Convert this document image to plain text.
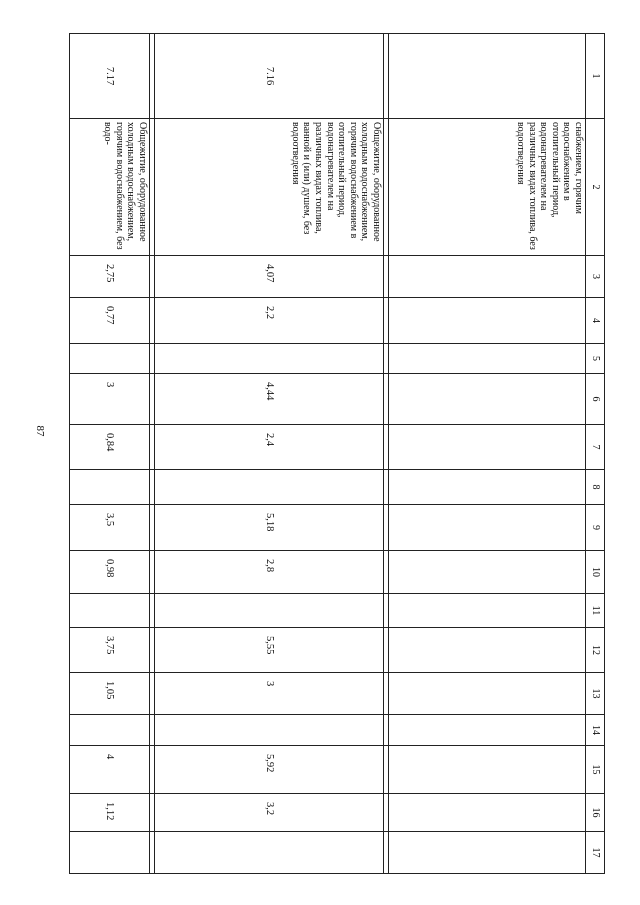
87
1	2	3	4	5	6	7	8	9	10	11	12	13	14	15	16	17
	снабжением, горячим водоснабжением в отопительный период, водонагревателем на различных видах топлива, без водоотведения															

7.16	Общежитие, оборудованное холодным водоснабжением, горячим водоснабжением в отопительный период, водонагревателем на различных видах топлива, ванной и (или) душем, без водоотведения	4,07	2,2		4,44	2,4		5,18	2,8		5,55	3		5,92	3,2	

7.17	Общежитие, оборудованное холодным водоснабжением, горячим водоснабжением, без водо-	2,75	0,77		3	0,84		3,5	0,98		3,75	1,05		4	1,12	
